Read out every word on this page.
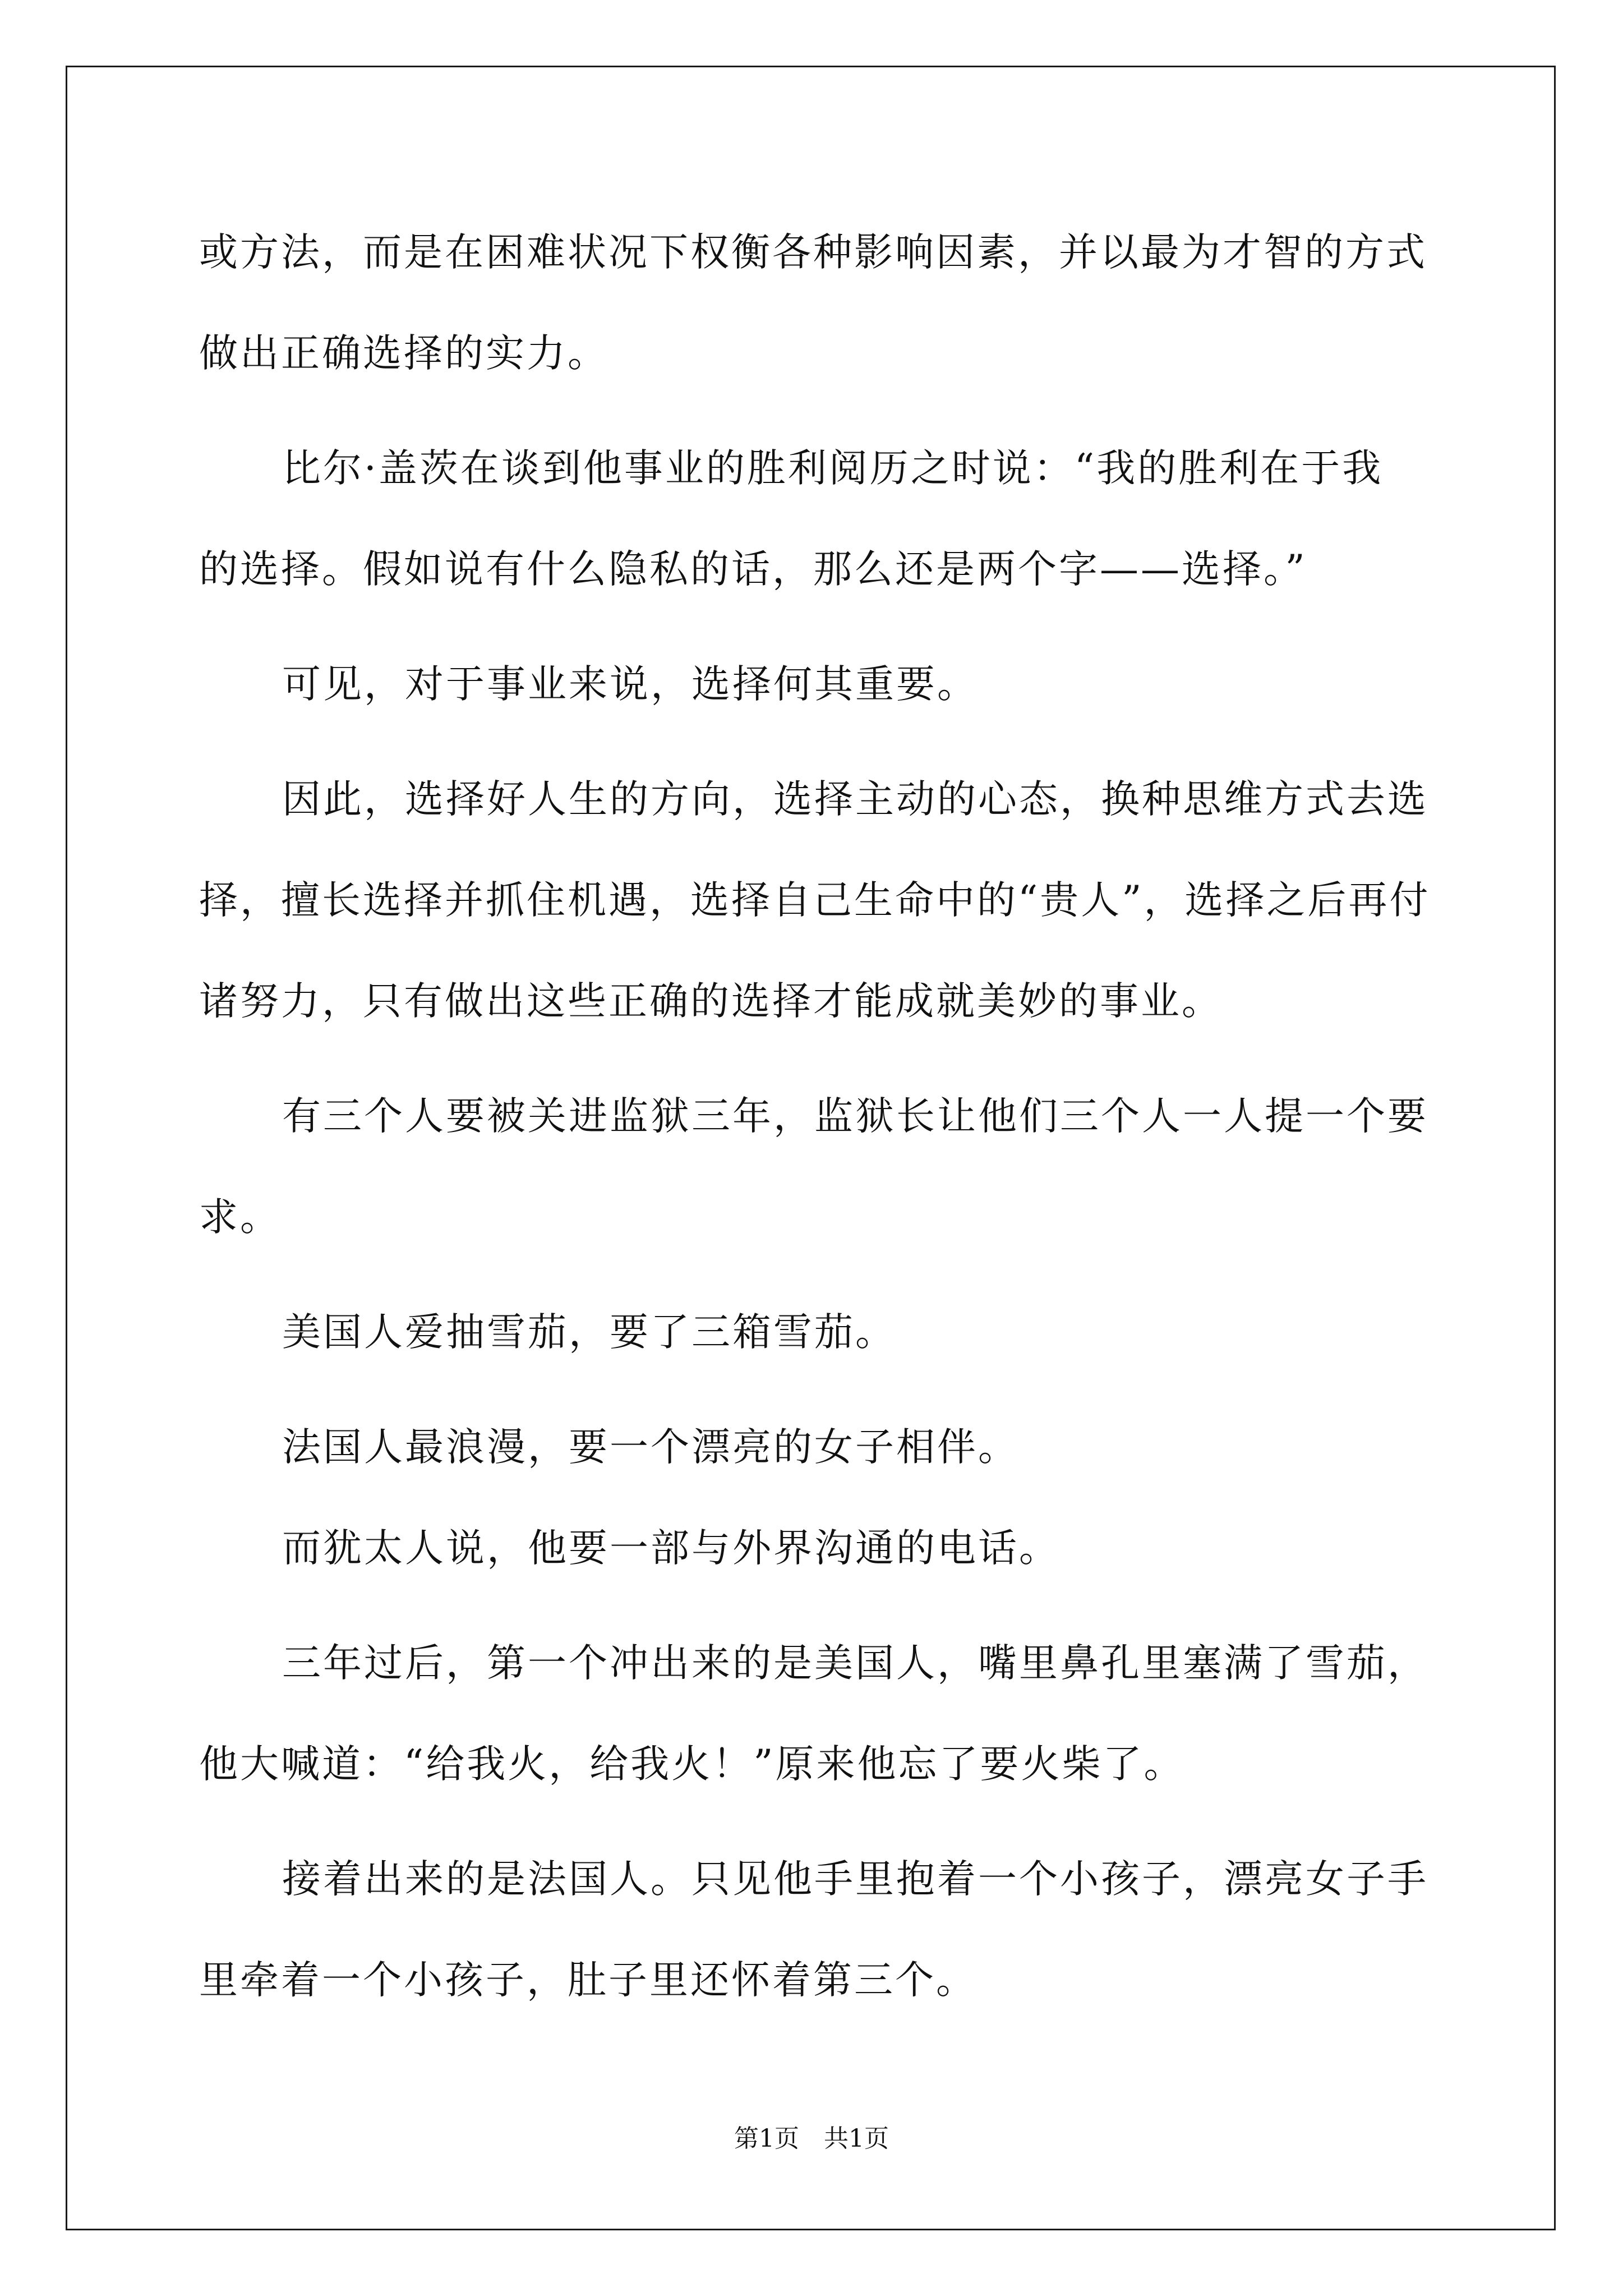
或方法，而是在困难状况下权衡各种影响因素，并以最为才智的方式
做出正确选择的实力。
比尔·盖茨在谈到他事业的胜利阅历之时说：“我的胜利在于我
的选择。假如说有什么隐私的话，那么还是两个字——选择。”
可见，对于事业来说，选择何其重要。
因此，选择好人生的方向，选择主动的心态，换种思维方式去选
择，擅长选择并抓住机遇，选择自己生命中的“贵人”，选择之后再付
诸努力，只有做出这些正确的选择才能成就美妙的事业。
有三个人要被关进监狱三年，监狱长让他们三个人一人提一个要
求。
美国人爱抽雪茄，要了三箱雪茄。
法国人最浪漫，要一个漂亮的女子相伴。
而犹太人说，他要一部与外界沟通的电话。
三年过后，第一个冲出来的是美国人，嘴里鼻孔里塞满了雪茄，
他大喊道：“给我火，给我火！”原来他忘了要火柴了。
接着出来的是法国人。只见他手里抱着一个小孩子，漂亮女子手
里牵着一个小孩子，肚子里还怀着第三个。
第1页　共1页
